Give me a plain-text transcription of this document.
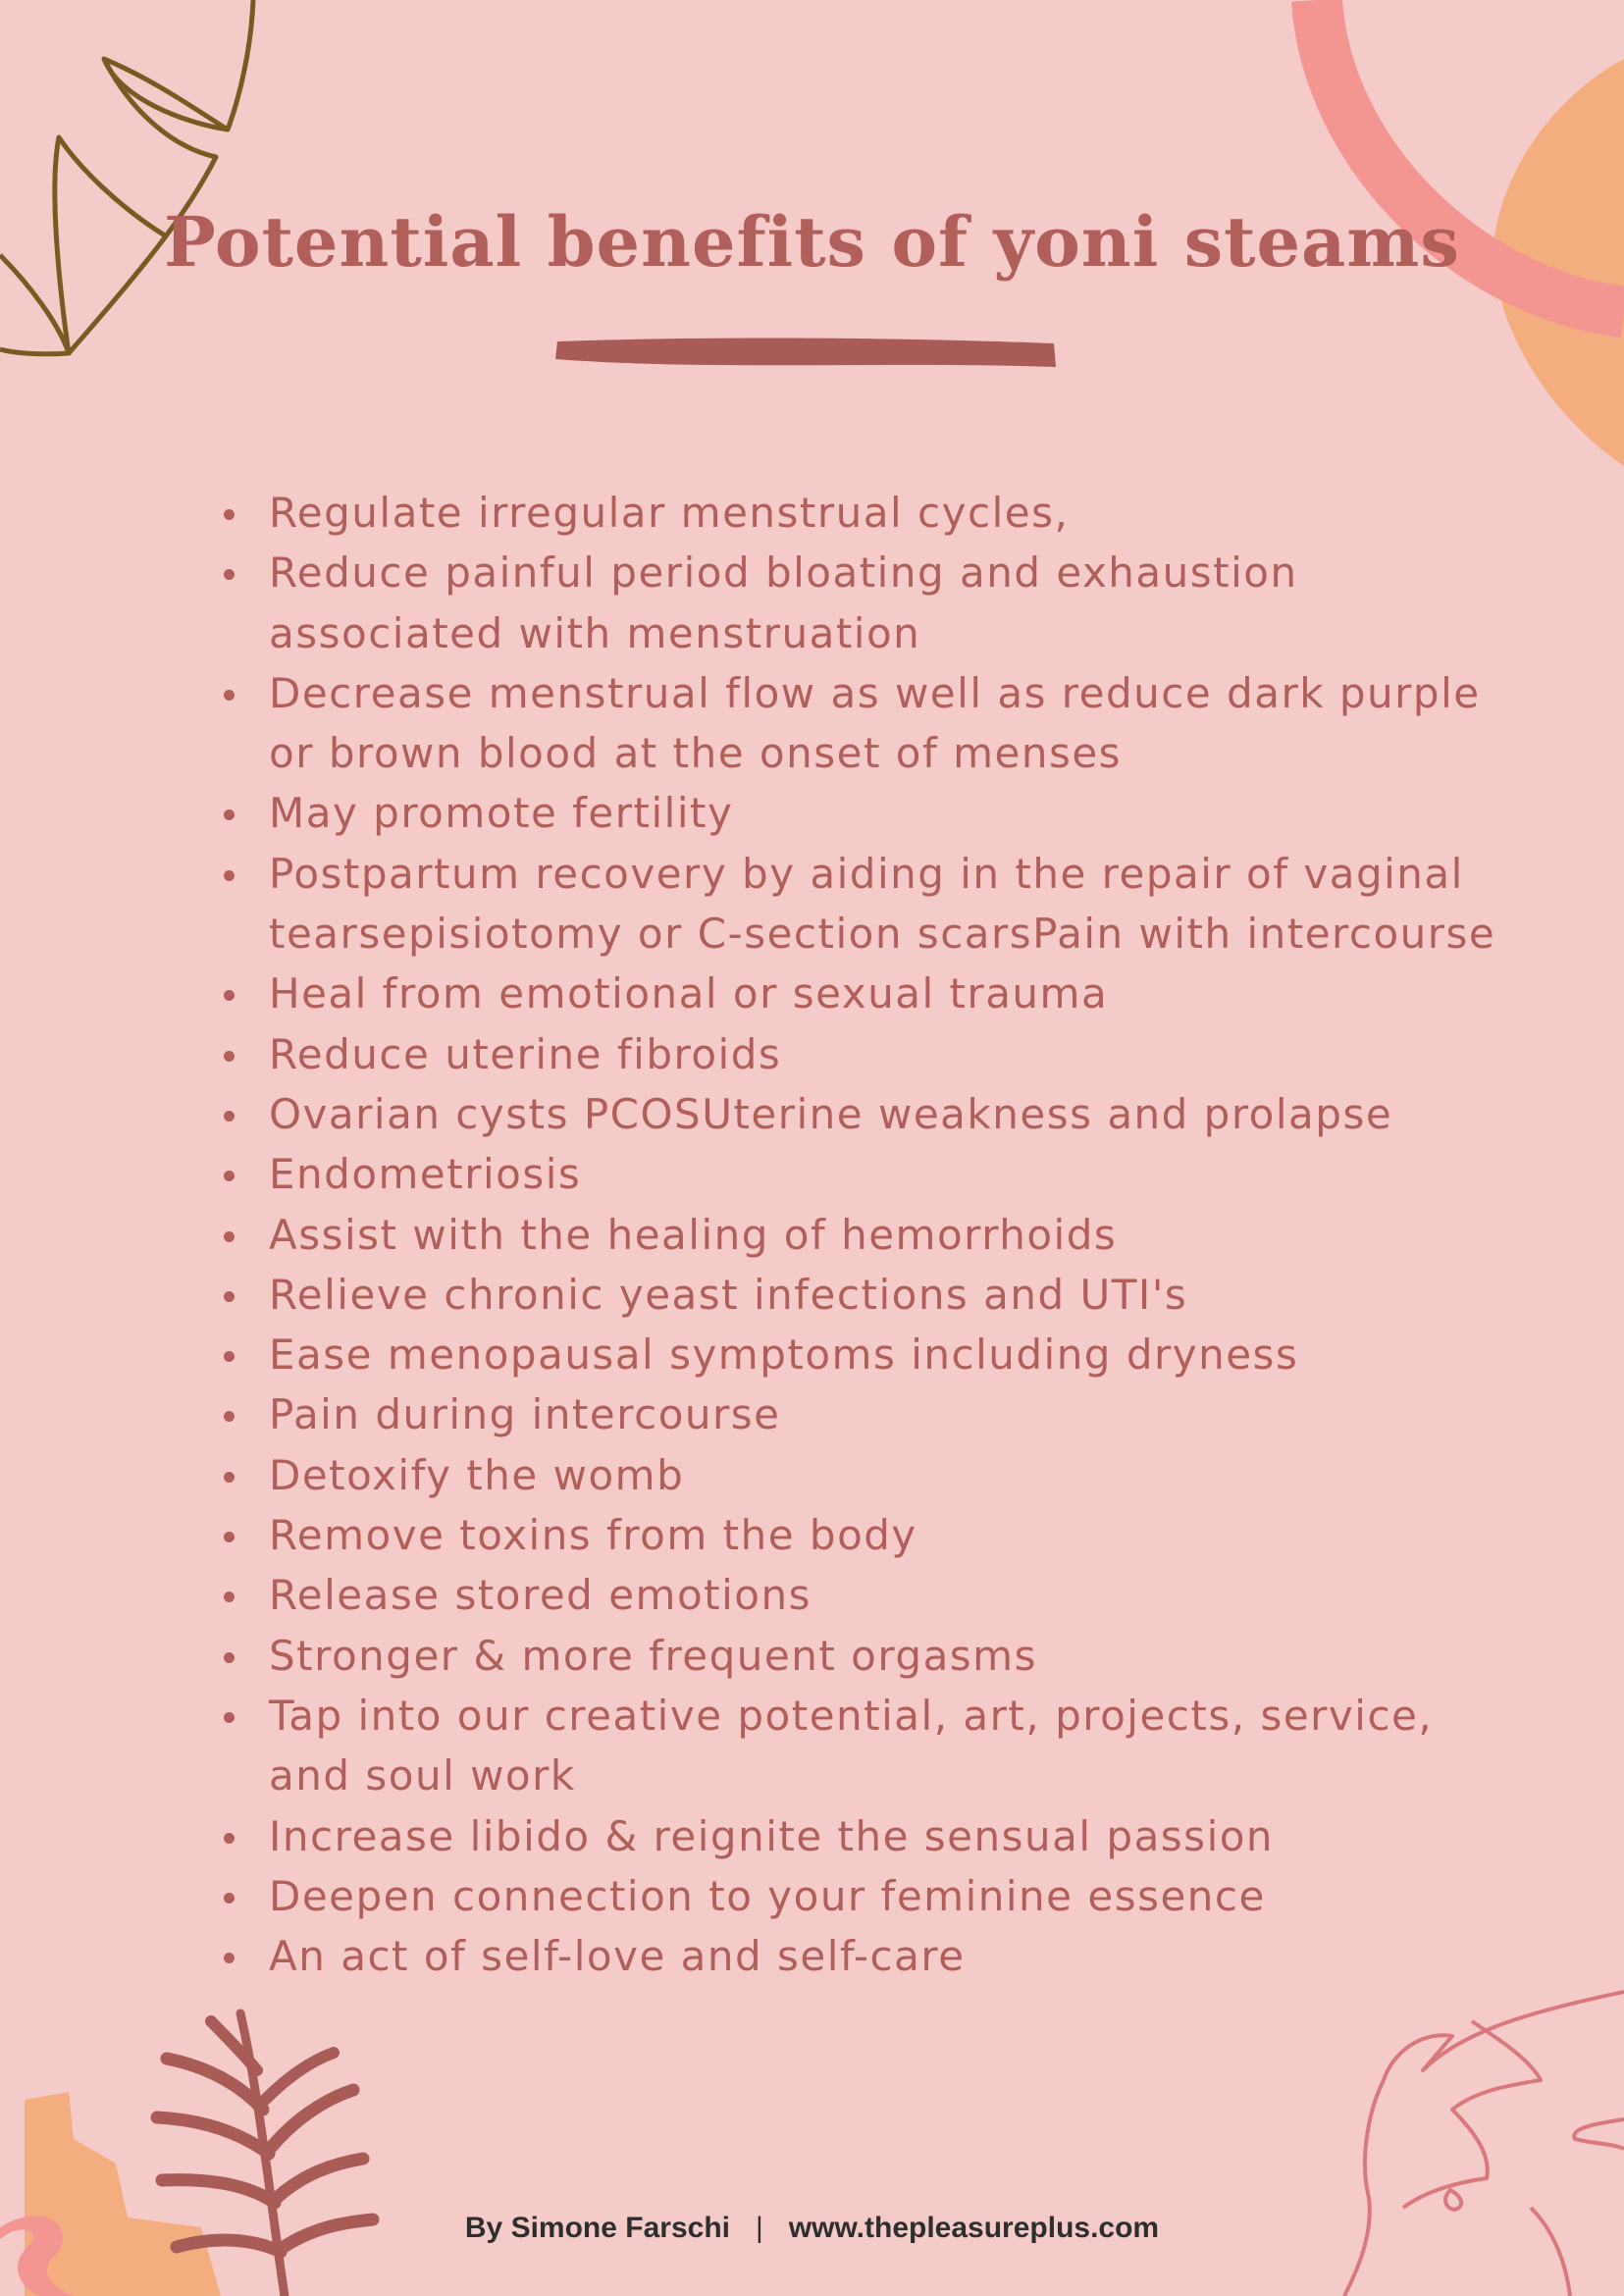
Potential benefits of yoni steams
Regulate irregular menstrual cycles,
Reduce painful period bloating and exhaustion associated with menstruation
Decrease menstrual flow as well as reduce dark purple or brown blood at the onset of menses
May promote fertility
Postpartum recovery by aiding in the repair of vaginal tearsepisiotomy or C-section scarsPain with intercourse
Heal from emotional or sexual trauma
Reduce uterine fibroids
Ovarian cysts PCOSUterine weakness and prolapse
Endometriosis
Assist with the healing of hemorrhoids
Relieve chronic yeast infections and UTI's
Ease menopausal symptoms including dryness
Pain during intercourse
Detoxify the womb
Remove toxins from the body
Release stored emotions
Stronger & more frequent orgasms
Tap into our creative potential, art, projects, service, and soul work
Increase libido & reignite the sensual passion
Deepen connection to your feminine essence
An act of self-love and self-care
By Simone Farschi | www.thepleasureplus.com
